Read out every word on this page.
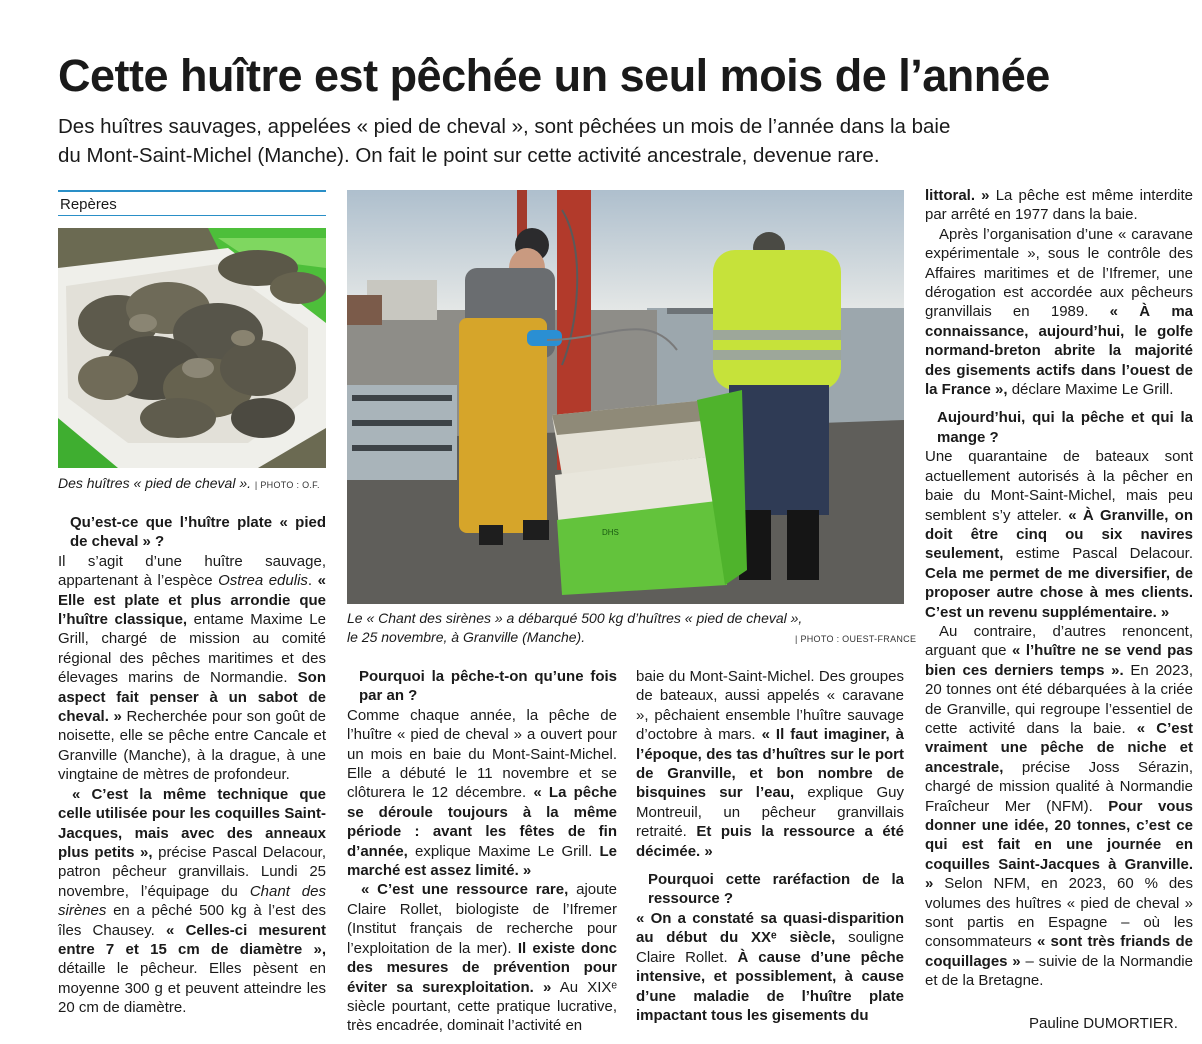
Cette huître est pêchée un seul mois de l’année
Des huîtres sauvages, appelées « pied de cheval », sont pêchées un mois de l’année dans la baie
du Mont-Saint-Michel (Manche). On fait le point sur cette activité ancestrale, devenue rare.
Repères
Des huîtres « pied de cheval ». | PHOTO : O.F.
DHS
Le « Chant des sirènes » a débarqué 500 kg d’huîtres « pied de cheval »,
le 25 novembre, à Granville (Manche).	| PHOTO : OUEST-FRANCE
Qu’est-ce que l’huître plate « pied de cheval » ?

Il s’agit d’une huître sauvage, appartenant à l’espèce Ostrea edulis. « Elle est plate et plus arrondie que l’huître classique, entame Maxime Le Grill, chargé de mission au comité régional des pêches maritimes et des élevages marins de Normandie. Son aspect fait penser à un sabot de cheval. » Recherchée pour son goût de noisette, elle se pêche entre Cancale et Granville (Manche), à la drague, à une vingtaine de mètres de profondeur.

« C’est la même technique que celle utilisée pour les coquilles Saint-Jacques, mais avec des anneaux plus petits », précise Pascal Delacour, patron pêcheur granvillais. Lundi 25 novembre, l’équipage du Chant des sirènes en a pêché 500 kg à l’est des îles Chausey. « Celles-ci mesurent entre 7 et 15 cm de diamètre », détaille le pêcheur. Elles pèsent en moyenne 300 g et peuvent atteindre les 20 cm de diamètre.

Pourquoi la pêche-t-on qu’une fois par an ?

Comme chaque année, la pêche de l’huître « pied de cheval » a ouvert pour un mois en baie du Mont-Saint-Michel. Elle a débuté le 11 novembre et se clôturera le 12 décembre. « La pêche se déroule toujours à la même période : avant les fêtes de fin d’année, explique Maxime Le Grill. Le marché est assez limité. »

« C’est une ressource rare, ajoute Claire Rollet, biologiste de l’Ifremer (Institut français de recherche pour l’exploitation de la mer). Il existe donc des mesures de prévention pour éviter sa surexploitation. » Au XIXᵉ siècle pourtant, cette pratique lucrative, très encadrée, dominait l’activité en

baie du Mont-Saint-Michel. Des groupes de bateaux, aussi appelés « caravane », pêchaient ensemble l’huître sauvage d’octobre à mars. « Il faut imaginer, à l’époque, des tas d’huîtres sur le port de Granville, et bon nombre de bisquines sur l’eau, explique Guy Montreuil, un pêcheur granvillais retraité. Et puis la ressource a été décimée. »

Pourquoi cette raréfaction de la ressource ?

« On a constaté sa quasi-disparition au début du XXᵉ siècle, souligne Claire Rollet. À cause d’une pêche intensive, et possiblement, à cause d’une maladie de l’huître plate impactant tous les gisements du

littoral. » La pêche est même interdite par arrêté en 1977 dans la baie.

Après l’organisation d’une « caravane expérimentale », sous le contrôle des Affaires maritimes et de l’Ifremer, une dérogation est accordée aux pêcheurs granvillais en 1989. « À ma connaissance, aujourd’hui, le golfe normand-breton abrite la majorité des gisements actifs dans l’ouest de la France », déclare Maxime Le Grill.

Aujourd’hui, qui la pêche et qui la mange ?

Une quarantaine de bateaux sont actuellement autorisés à la pêcher en baie du Mont-Saint-Michel, mais peu semblent s’y atteler. « À Granville, on doit être cinq ou six navires seulement, estime Pascal Delacour. Cela me permet de me diversifier, de proposer autre chose à mes clients. C’est un revenu supplémentaire. »

Au contraire, d’autres renoncent, arguant que « l’huître ne se vend pas bien ces derniers temps ». En 2023, 20 tonnes ont été débarquées à la criée de Granville, qui regroupe l’essentiel de cette activité dans la baie. « C’est vraiment une pêche de niche et ancestrale, précise Joss Sérazin, chargé de mission qualité à Normandie Fraîcheur Mer (NFM). Pour vous donner une idée, 20 tonnes, c’est ce qui est fait en une journée en coquilles Saint-Jacques à Granville. » Selon NFM, en 2023, 60 % des volumes des huîtres « pied de cheval » sont partis en Espagne – où les consommateurs « sont très friands de coquillages » – suivie de la Normandie et de la Bretagne.

Pauline DUMORTIER.
